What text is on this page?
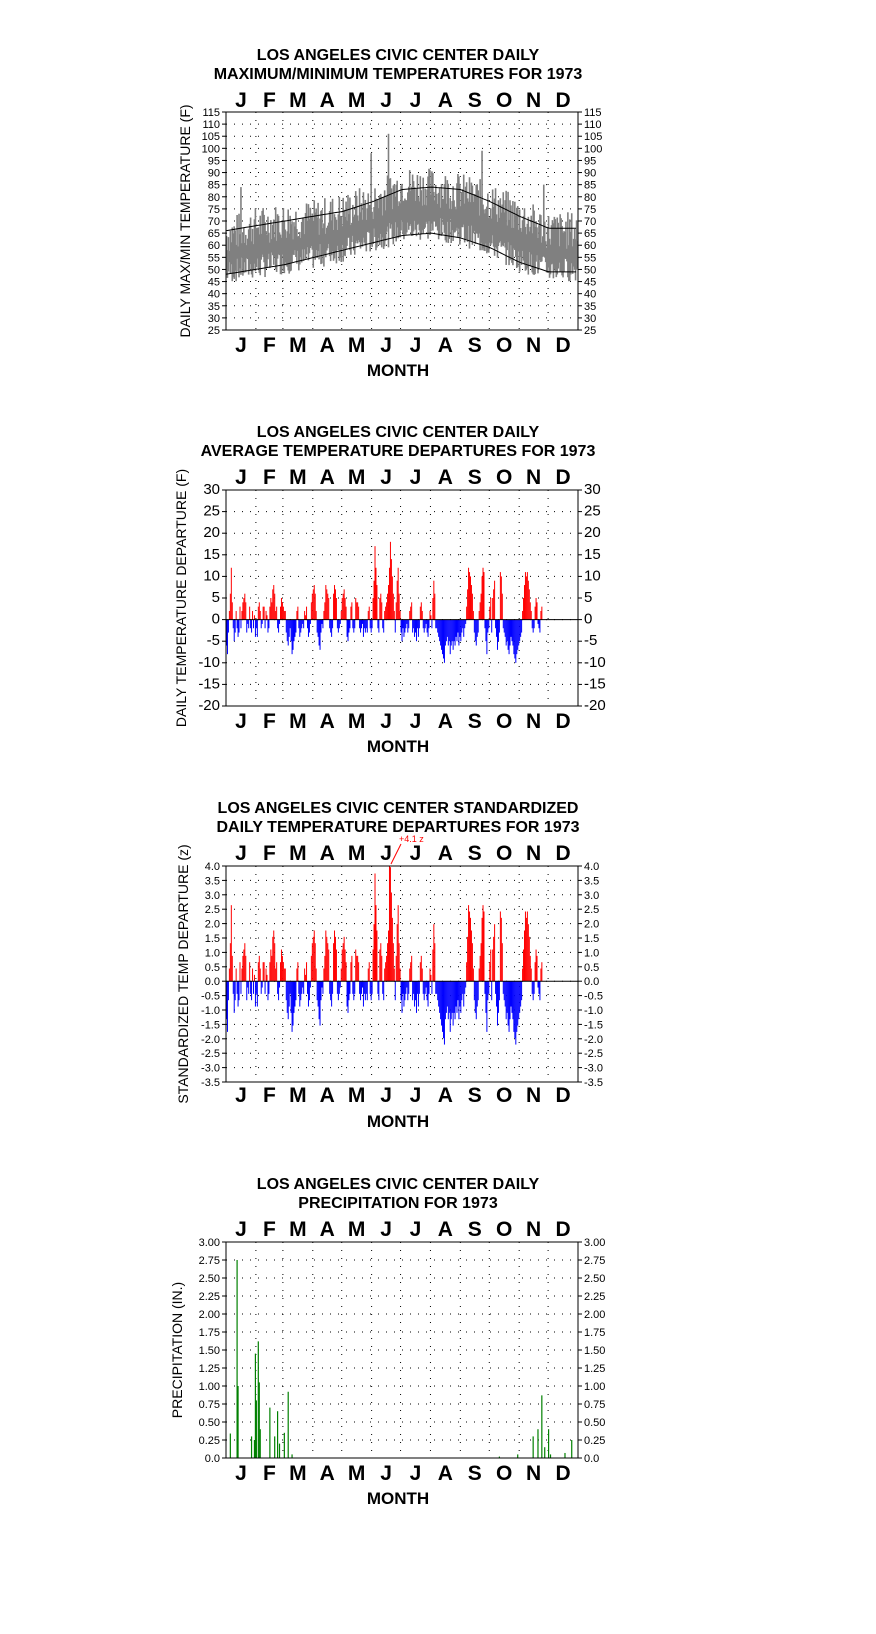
LOS ANGELES CIVIC CENTER DAILY
MAXIMUM/MINIMUM TEMPERATURES FOR 1973
J
J
F
F
M
M
A
A
M
M
J
J
J
J
A
A
S
S
O
O
N
N
D
D
MONTH
DAILY MAX/MIN TEMPERATURE (F) 115	115
110	110
105	105
100	100
95	95
90	90
85	85
80	80
75	75
70	70
65	65
60	60
55	55
50	50
45	45
40	40
35	35
30	30
25	25
LOS ANGELES CIVIC CENTER DAILY
AVERAGE TEMPERATURE DEPARTURES FOR 1973
J
J
F
F
M
M
A
A
M
M
J
J
J
J
A
A
S
S
O
O
N
N
D
D
MONTH
DAILY TEMPERATURE DEPARTURE (F) 30	30
25	25
20	20
15	15
10	10
5	5
0	0
-5	-5
-10	-10
-15	-15
-20	-20
LOS ANGELES CIVIC CENTER STANDARDIZED
DAILY TEMPERATURE DEPARTURES FOR 1973
J
J
F
F
M
M
A
A
M
M
J
J
J
J
A
A
S
S
O
O
N
N
D
D
MONTH
STANDARDIZED TEMP DEPARTURE (z) 4.0	4.0
3.5	3.5
3.0	3.0
2.5	2.5
2.0	2.0
1.5	1.5
1.0	1.0
0.5	0.5
0.0	0.0
-0.5	-0.5
-1.0	-1.0
-1.5	-1.5
-2.0	-2.0
-2.5	-2.5
-3.0	-3.0
-3.5	-3.5
+4.1 z
LOS ANGELES CIVIC CENTER DAILY
PRECIPITATION FOR 1973
J
J
F
F
M
M
A
A
M
M
J
J
J
J
A
A
S
S
O
O
N
N
D
D
MONTH
PRECIPITATION (IN.)
3.00	3.00
2.75	2.75
2.50	2.50
2.25	2.25
2.00	2.00
1.75	1.75
1.50	1.50
1.25	1.25
1.00	1.00
0.75	0.75
0.50	0.50
0.25	0.25
0.0	0.0
